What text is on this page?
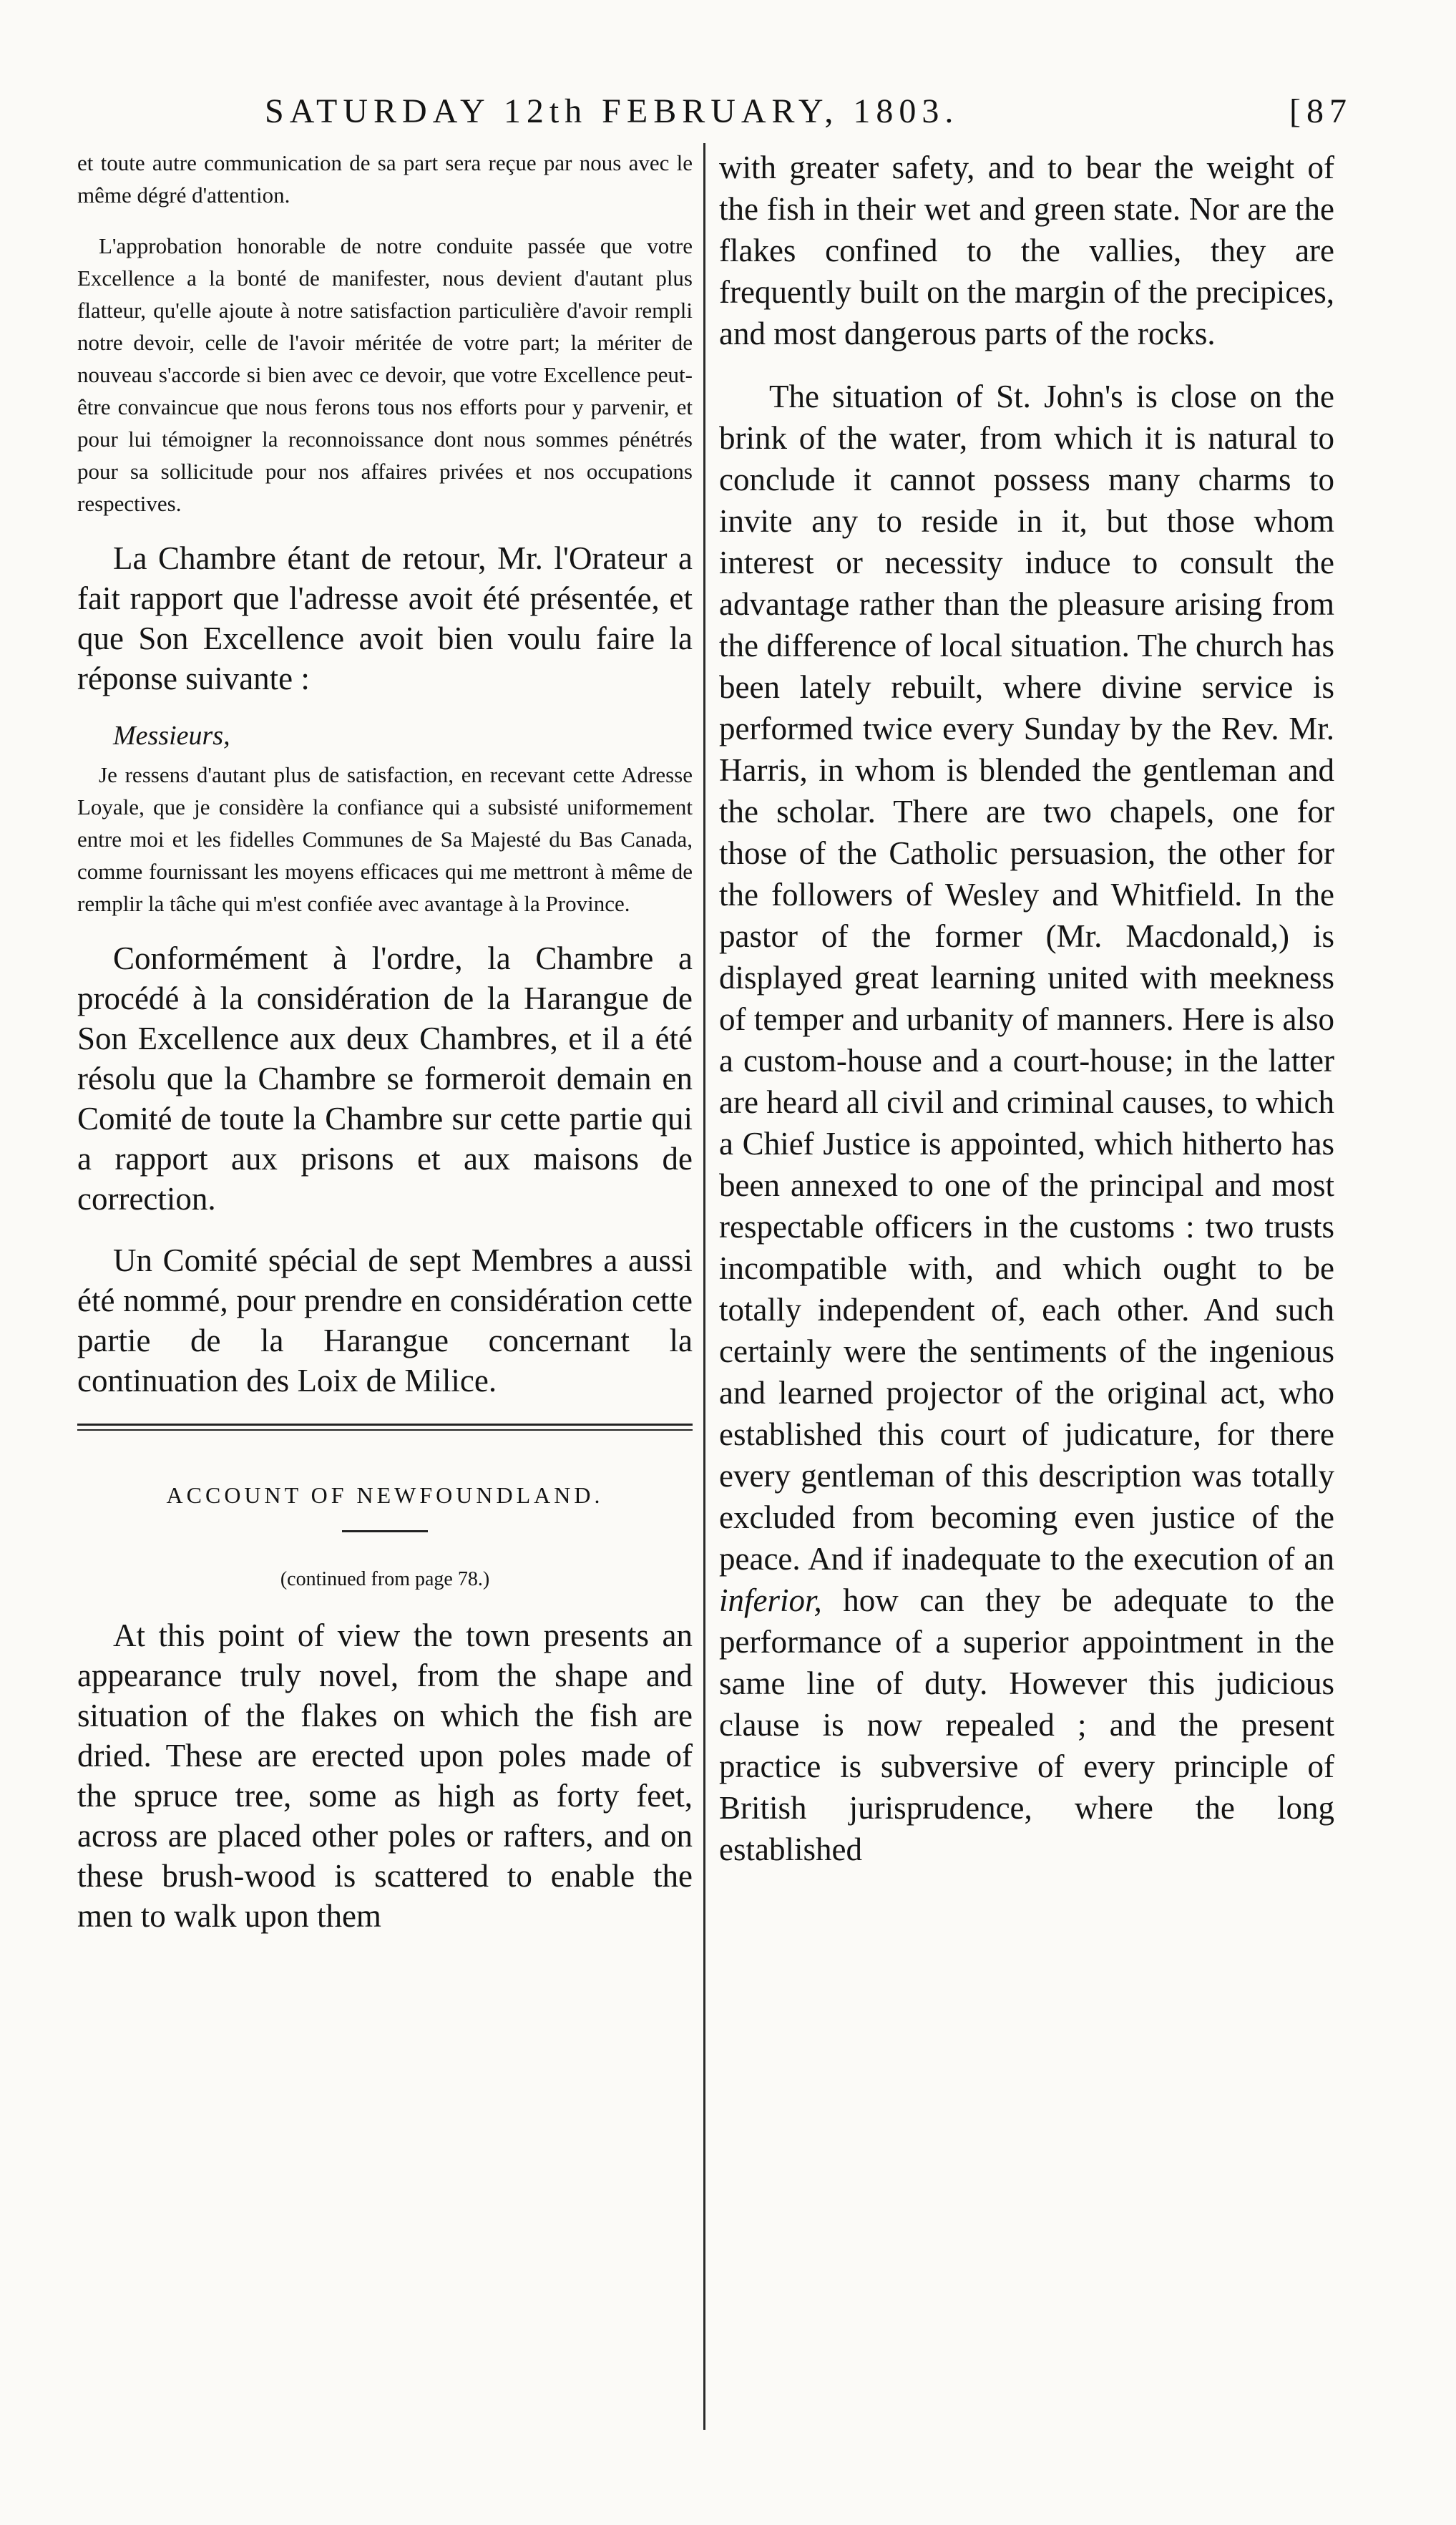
SATURDAY 12th FEBRUARY, 1803.	[87

et toute autre communication de sa part sera reçue par nous avec le même dégré d'attention.

L'approbation honorable de notre conduite passée que votre Excellence a la bonté de manifester, nous devient d'autant plus flatteur, qu'elle ajoute à notre satisfaction particulière d'avoir rempli notre devoir, celle de l'avoir méritée de votre part; la mériter de nouveau s'accorde si bien avec ce devoir, que votre Excellence peut-être convaincue que nous ferons tous nos efforts pour y parvenir, et pour lui témoigner la reconnoissance dont nous sommes pénétrés pour sa sollicitude pour nos affaires privées et nos occupations respectives.

La Chambre étant de retour, Mr. l'Orateur a fait rapport que l'adresse avoit été présentée, et que Son Excellence avoit bien voulu faire la réponse suivante :

Messieurs,

Je ressens d'autant plus de satisfaction, en recevant cette Adresse Loyale, que je considère la confiance qui a subsisté uniformement entre moi et les fidelles Communes de Sa Majesté du Bas Canada, comme fournissant les moyens efficaces qui me mettront à même de remplir la tâche qui m'est confiée avec avantage à la Province.

Conformément à l'ordre, la Chambre a procédé à la considération de la Harangue de Son Excellence aux deux Chambres, et il a été résolu que la Chambre se formeroit demain en Comité de toute la Chambre sur cette partie qui a rapport aux prisons et aux maisons de correction.

Un Comité spécial de sept Membres a aussi été nommé, pour prendre en considération cette partie de la Harangue concernant la continuation des Loix de Milice.

ACCOUNT OF NEWFOUNDLAND.
(continued from page 78.)

At this point of view the town presents an appearance truly novel, from the shape and situation of the flakes on which the fish are dried. These are erected upon poles made of the spruce tree, some as high as forty feet, across are placed other poles or rafters, and on these brush-wood is scattered to enable the men to walk upon them

with greater safety, and to bear the weight of the fish in their wet and green state. Nor are the flakes confined to the vallies, they are frequently built on the margin of the precipices, and most dangerous parts of the rocks.

The situation of St. John's is close on the brink of the water, from which it is natural to conclude it cannot possess many charms to invite any to reside in it, but those whom interest or necessity induce to consult the advantage rather than the pleasure arising from the difference of local situation. The church has been lately rebuilt, where divine service is performed twice every Sunday by the Rev. Mr. Harris, in whom is blended the gentleman and the scholar. There are two chapels, one for those of the Catholic persuasion, the other for the followers of Wesley and Whitfield. In the pastor of the former (Mr. Macdonald,) is displayed great learning united with meekness of temper and urbanity of manners. Here is also a custom-house and a court-house; in the latter are heard all civil and criminal causes, to which a Chief Justice is appointed, which hitherto has been annexed to one of the principal and most respectable officers in the customs : two trusts incompatible with, and which ought to be totally independent of, each other. And such certainly were the sentiments of the ingenious and learned projector of the original act, who established this court of judicature, for there every gentleman of this description was totally excluded from becoming even justice of the peace. And if inadequate to the execution of an inferior, how can they be adequate to the performance of a superior appointment in the same line of duty. However this judicious clause is now repealed ; and the present practice is subversive of every principle of British jurisprudence, where the long established
